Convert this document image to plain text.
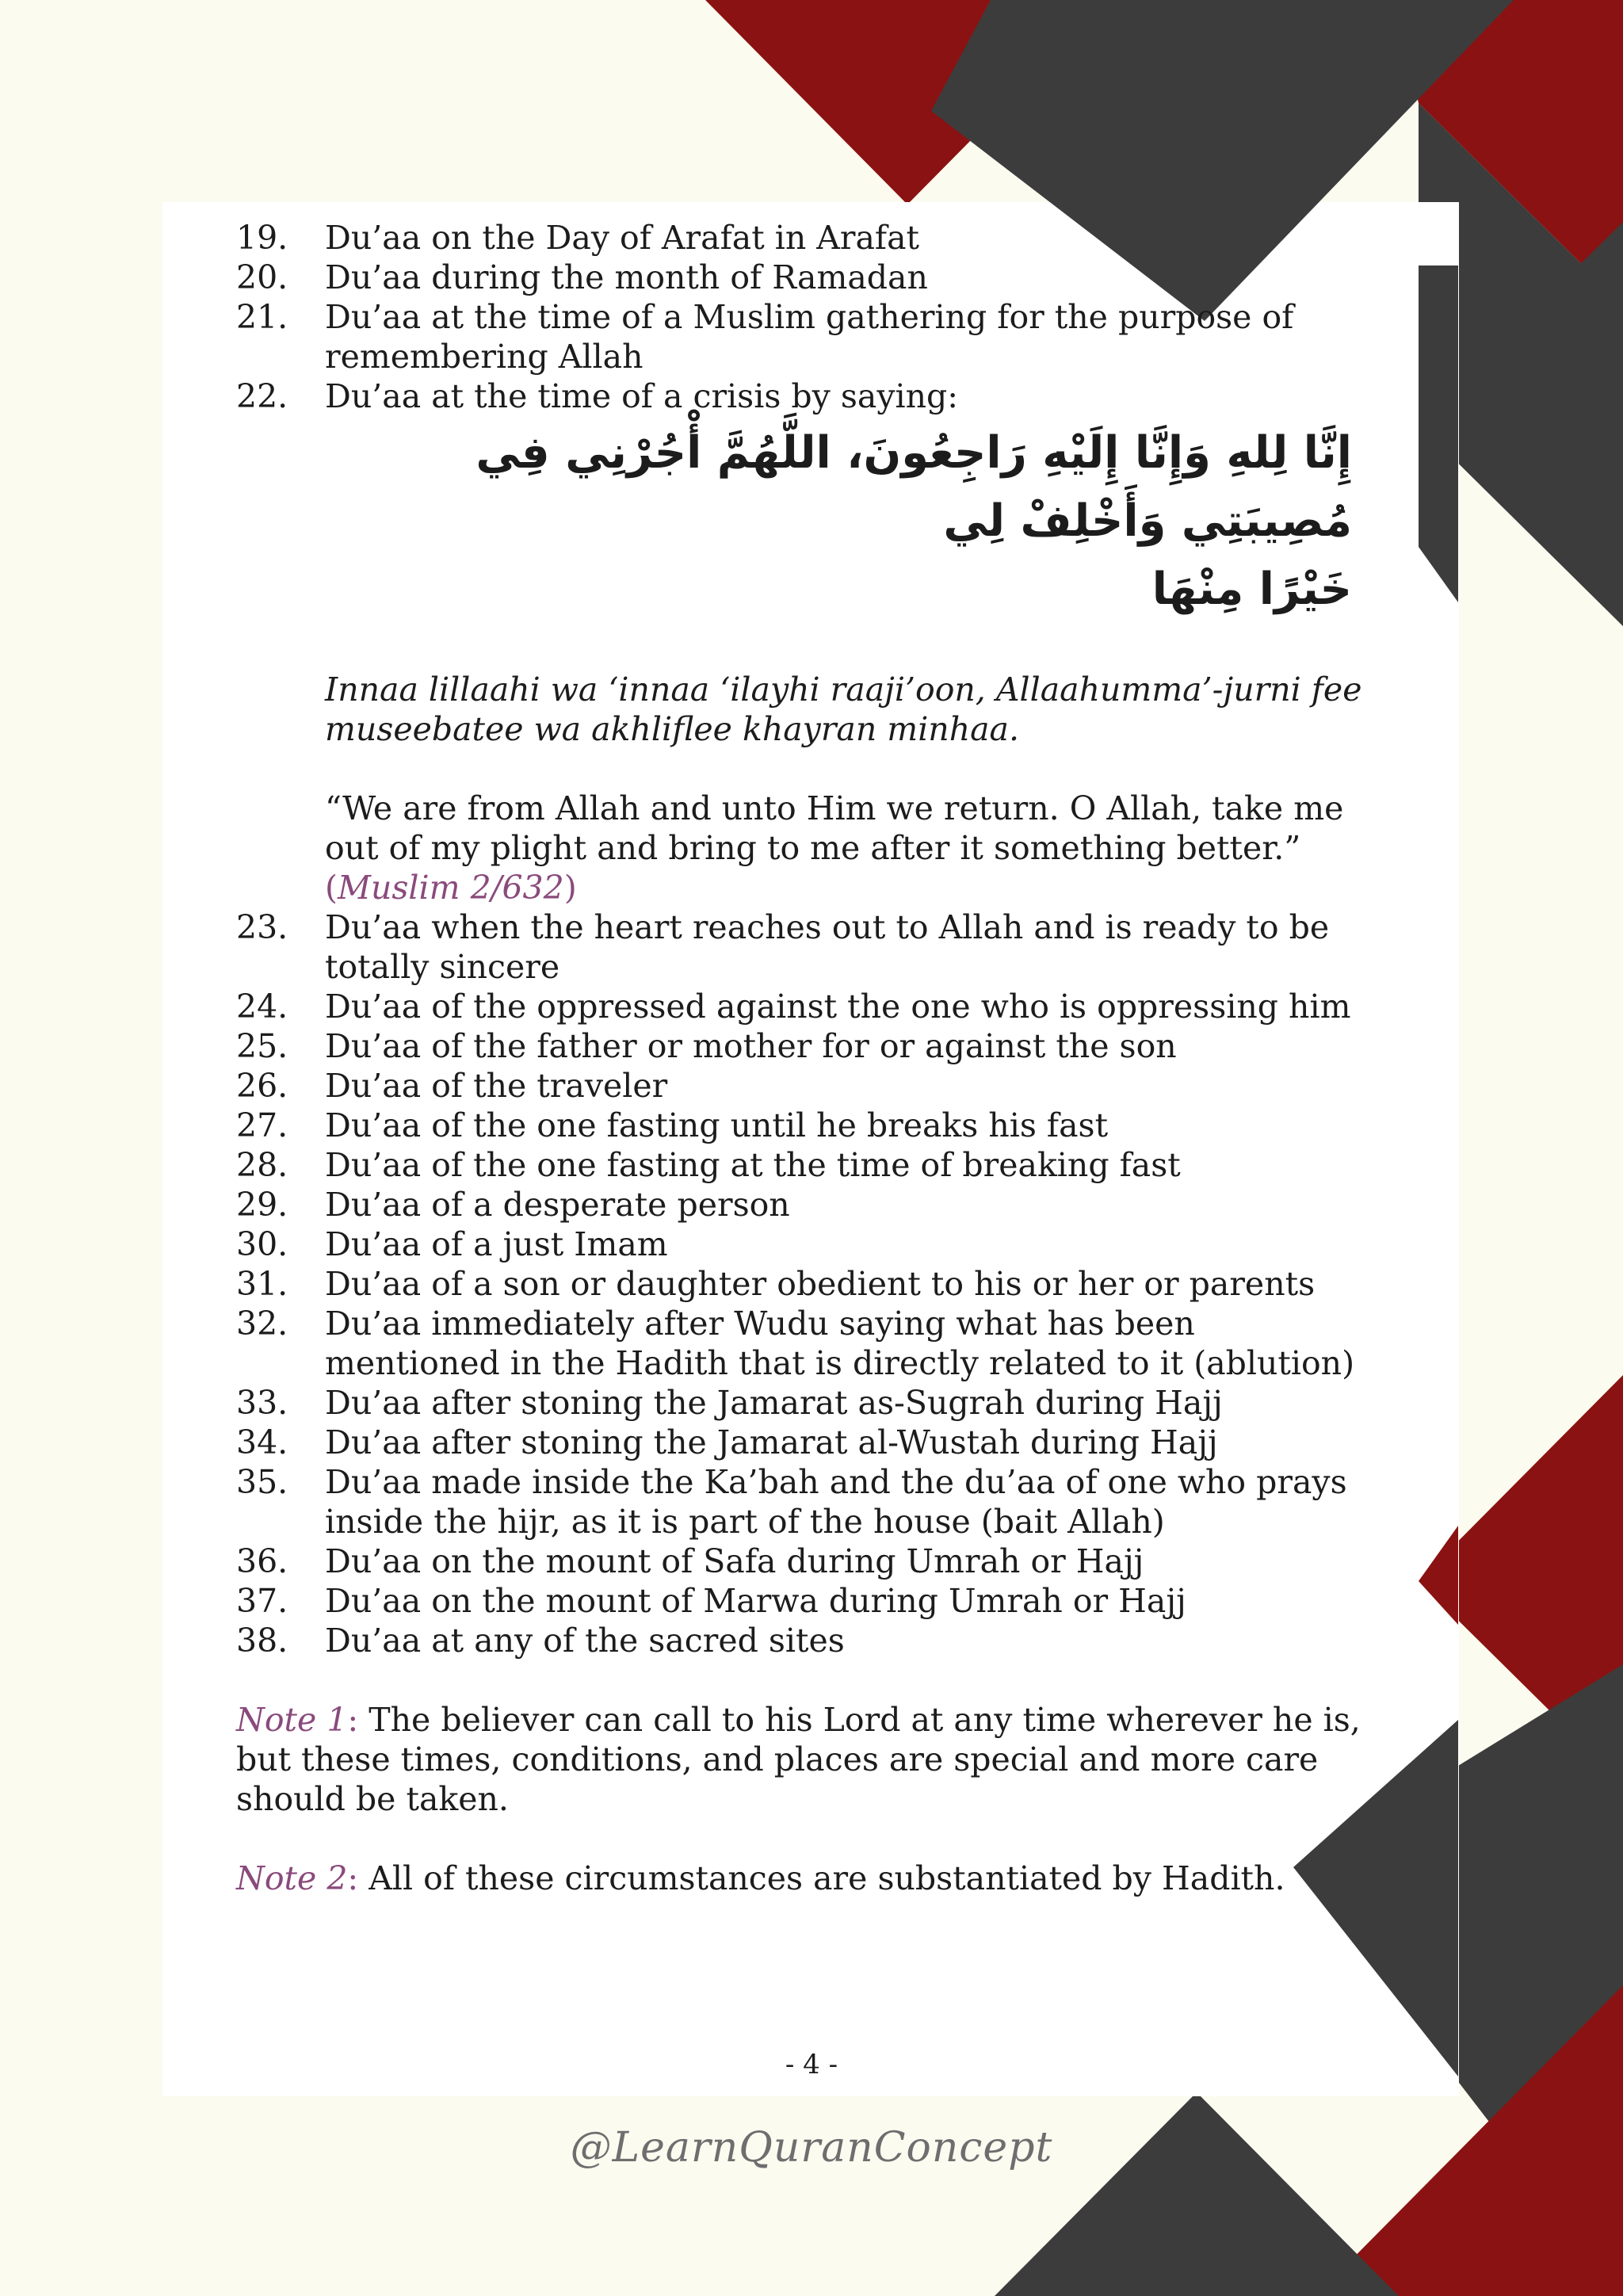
19.	Du’aa on the Day of Arafat in Arafat
20.	Du’aa during the month of Ramadan
21.	Du’aa at the time of a Muslim gathering for the purpose of remembering Allah
22.	Du’aa at the time of a crisis by saying:
إِنَّا لِلهِ وَإِنَّا إِلَيْهِ رَاجِعُونَ، اللَّهُمَّ أْجُرْنِي فِي مُصِيبَتِي وَأَخْلِفْ لِي
خَيْرًا مِنْهَا
Innaa lillaahi wa ‘innaa ‘ilayhi raaji’oon, Allaahumma’-jurni fee museebatee wa akhliflee khayran minhaa.
“We are from Allah and unto Him we return. O Allah, take me out of my plight and bring to me after it something better.” (Muslim 2/632)
23.	Du’aa when the heart reaches out to Allah and is ready to be totally sincere
24.	Du’aa of the oppressed against the one who is oppressing him
25.	Du’aa of the father or mother for or against the son
26.	Du’aa of the traveler
27.	Du’aa of the one fasting until he breaks his fast
28.	Du’aa of the one fasting at the time of breaking fast
29.	Du’aa of a desperate person
30.	Du’aa of a just Imam
31.	Du’aa of a son or daughter obedient to his or her or parents
32.	Du’aa immediately after Wudu saying what has been mentioned in the Hadith that is directly related to it (ablution)
33.	Du’aa after stoning the Jamarat as-Sugrah during Hajj
34.	Du’aa after stoning the Jamarat al-Wustah during Hajj
35.	Du’aa made inside the Ka’bah and the du’aa of one who prays inside the hijr, as it is part of the house (bait Allah)
36.	Du’aa on the mount of Safa during Umrah or Hajj
37.	Du’aa on the mount of Marwa during Umrah or Hajj
38.	Du’aa at any of the sacred sites
Note 1: The believer can call to his Lord at any time wherever he is, but these times, conditions, and places are special and more care should be taken.
Note 2: All of these circumstances are substantiated by Hadith.
- 4 -
@LearnQuranConcept
